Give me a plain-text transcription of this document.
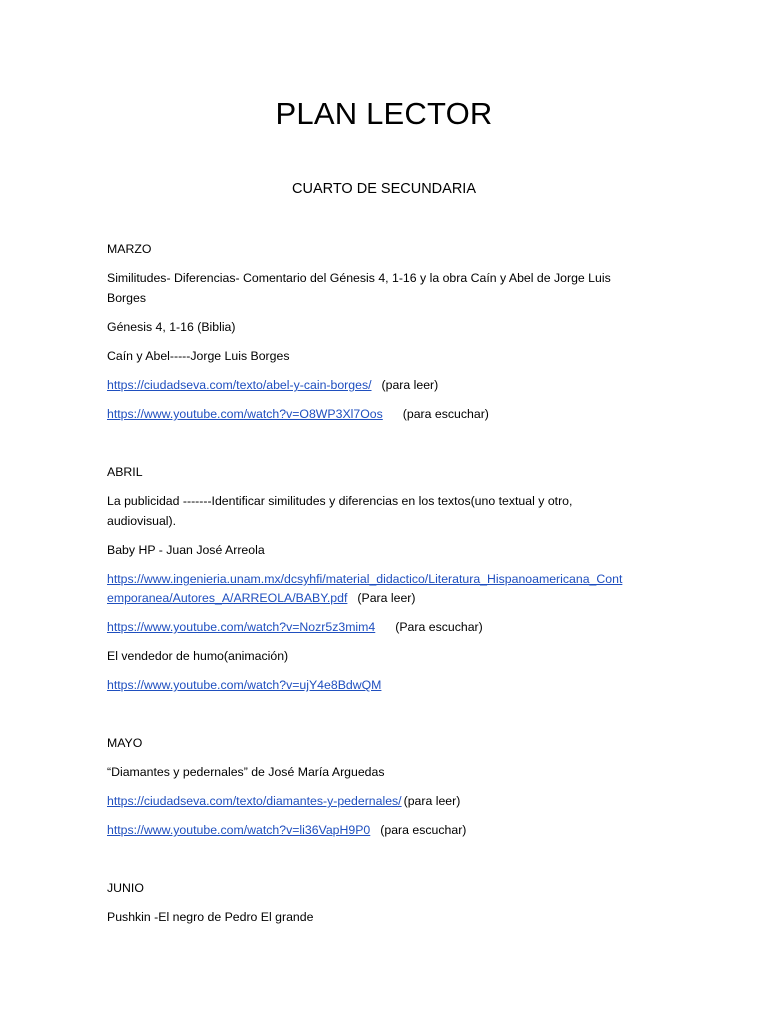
PLAN LECTOR
CUARTO DE SECUNDARIA
MARZO
Similitudes- Diferencias- Comentario del Génesis 4, 1-16 y la obra Caín y Abel de Jorge Luis
Borges
Génesis 4, 1-16 (Biblia)
Caín y Abel-----Jorge Luis Borges
https://ciudadseva.com/texto/abel-y-cain-borges/ (para leer)
https://www.youtube.com/watch?v=O8WP3Xl7Oos (para escuchar)
ABRIL
La publicidad -------Identificar similitudes y diferencias en los textos(uno textual y otro,
audiovisual).
Baby HP - Juan José Arreola
https://www.ingenieria.unam.mx/dcsyhfi/material_didactico/Literatura_Hispanoamericana_Cont
emporanea/Autores_A/ARREOLA/BABY.pdf (Para leer)
https://www.youtube.com/watch?v=Nozr5z3mim4 (Para escuchar)
El vendedor de humo(animación)
https://www.youtube.com/watch?v=ujY4e8BdwQM
MAYO
“Diamantes y pedernales” de José María Arguedas
https://ciudadseva.com/texto/diamantes-y-pedernales/ (para leer)
https://www.youtube.com/watch?v=li36VapH9P0 (para escuchar)
JUNIO
Pushkin -El negro de Pedro El grande
